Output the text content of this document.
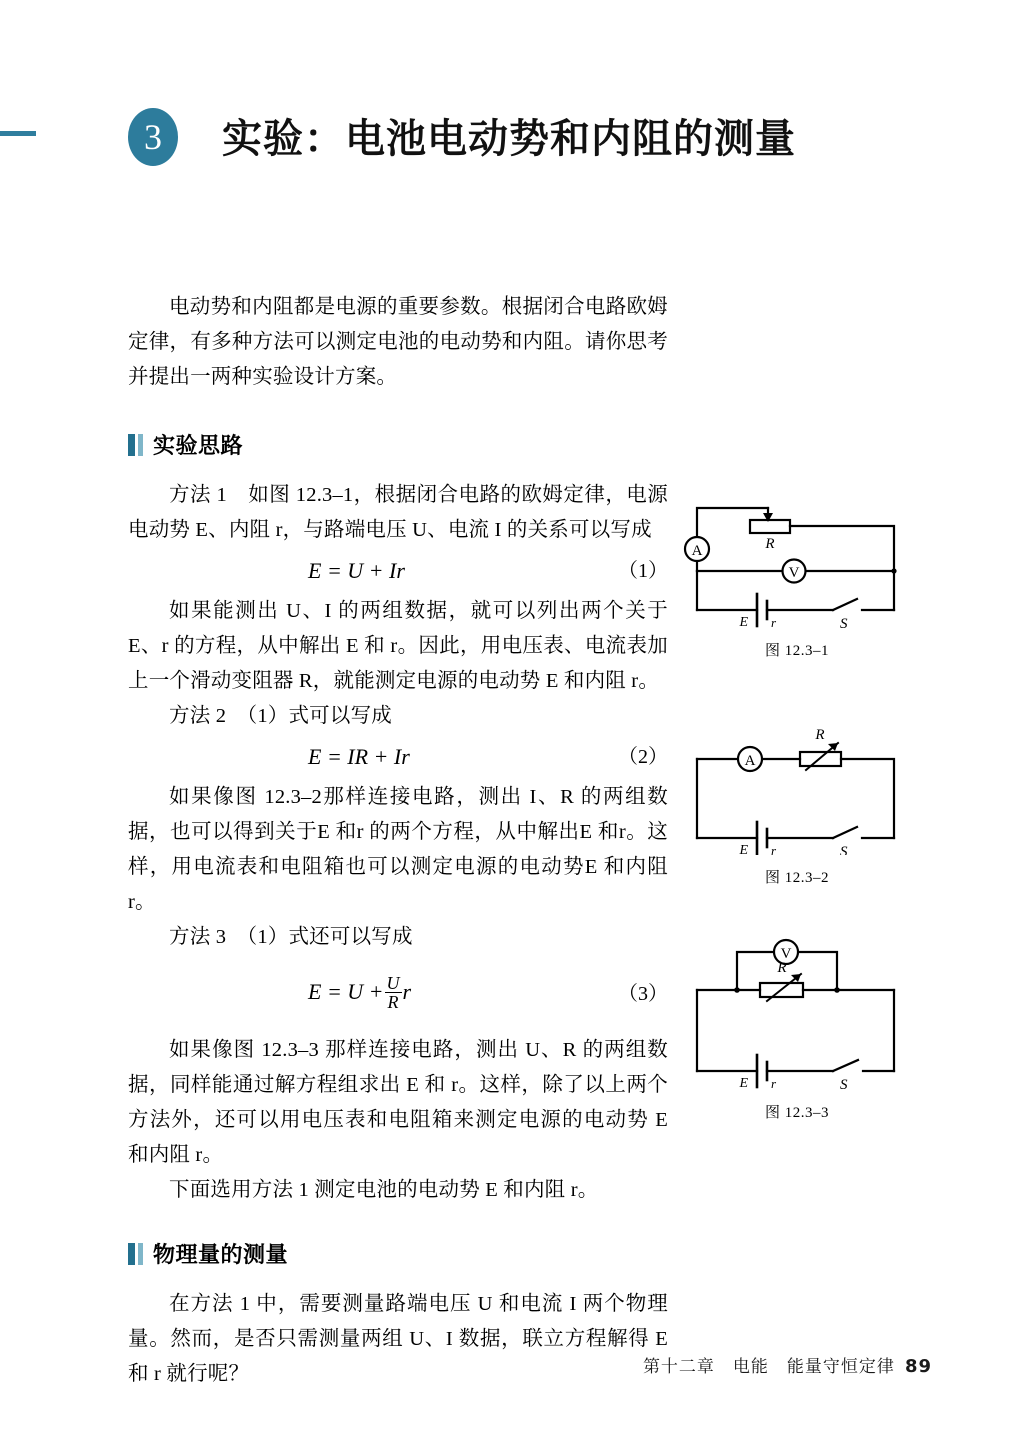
3	实验：电池电动势和内阻的测量

电动势和内阻都是电源的重要参数。根据闭合电路欧姆定律，有多种方法可以测定电池的电动势和内阻。请你思考并提出一两种实验设计方案。

实验思路

方法 1　如图 12.3–1，根据闭合电路的欧姆定律，电源电动势 E、内阻 r，与路端电压 U、电流 I 的关系可以写成

E = U + Ir	（1）

如果能测出 U、I 的两组数据，就可以列出两个关于 E、r 的方程，从中解出 E 和 r。因此，用电压表、电流表加上一个滑动变阻器 R，就能测定电源的电动势 E 和内阻 r。

方法 2　（1）式可以写成

E = IR + Ir	（2）

如果像图 12.3–2那样连接电路，测出 I、R 的两组数据，也可以得到关于E 和r 的两个方程，从中解出E 和r。这样，用电流表和电阻箱也可以测定电源的电动势E 和内阻r。

方法 3　（1）式还可以写成

$E = U + \frac{U}{R}$ r	（3）

如果像图 12.3–3 那样连接电路，测出 U、R 的两组数据，同样能通过解方程组求出 E 和 r。这样，除了以上两个方法外，还可以用电压表和电阻箱来测定电源的电动势 E 和内阻 r。

下面选用方法 1 测定电池的电动势 E 和内阻 r。

物理量的测量

在方法 1 中，需要测量路端电压 U 和电流 I 两个物理量。然而，是否只需测量两组 U、I 数据，联立方程解得 E 和 r 就行呢？

A
V
R
E r	S
图 12.3–1
A
R
E r	S
图 12.3–2
V
R
E r	S
图 12.3–3
第十二章　电能　能量守恒定律 89
